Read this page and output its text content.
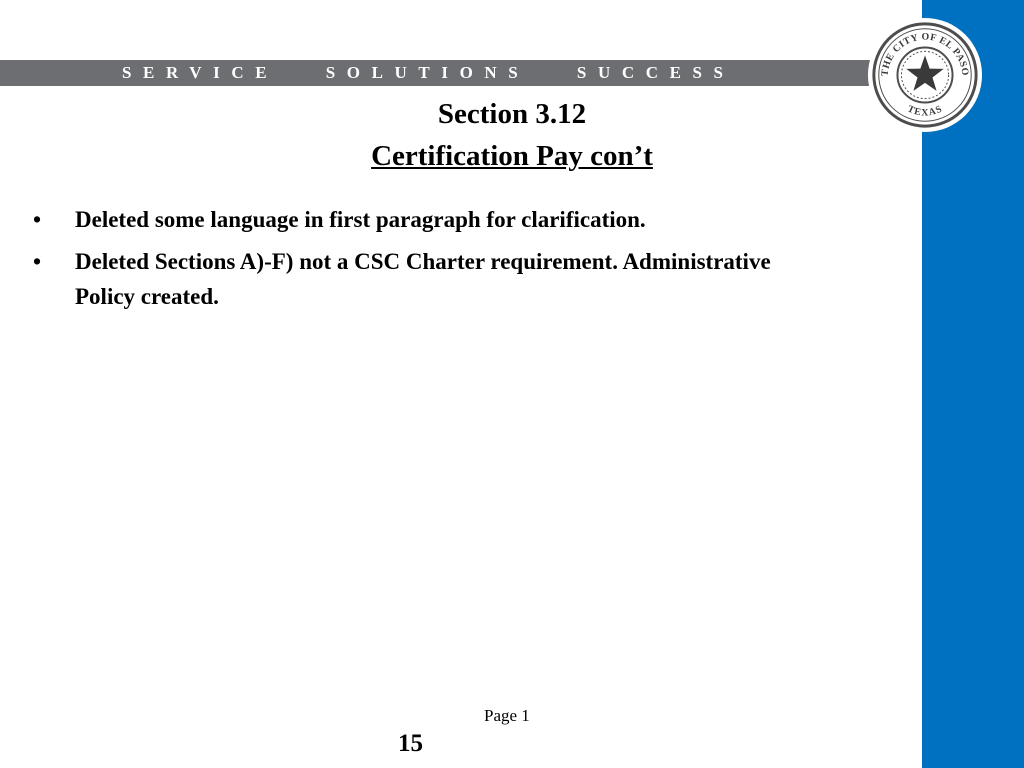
SERVICE   SOLUTIONS   SUCCESS	THE CITY OF EL PASO
TEXAS
Section 3.12
Certification Pay con’t
• Deleted some language in first paragraph for clarification.
• Deleted Sections A)-F) not a CSC Charter requirement. Administrative Policy created.
Page 1
15
